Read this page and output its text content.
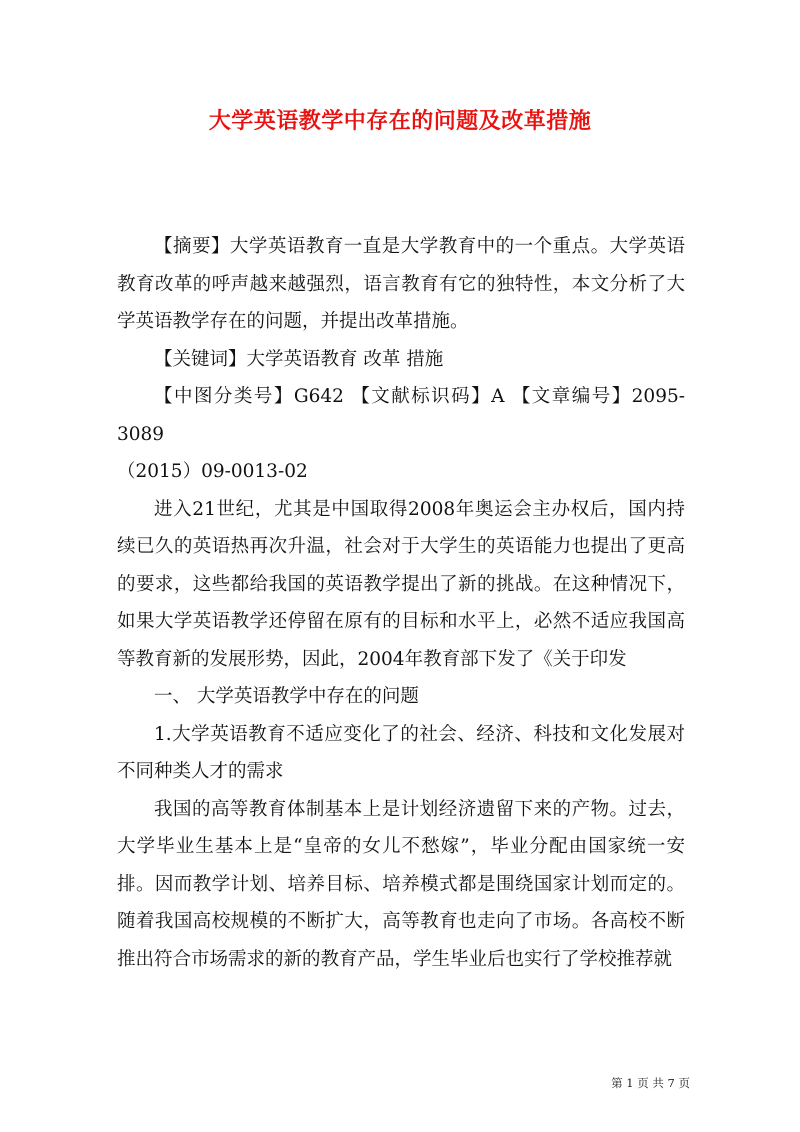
大学英语教学中存在的问题及改革措施

【摘要】大学英语教育一直是大学教育中的一个重点。大学英语教育改革的呼声越来越强烈，语言教育有它的独特性，本文分析了大学英语教学存在的问题，并提出改革措施。

【关键词】大学英语教育 改革 措施

【中图分类号】G642 【文献标识码】A 【文章编号】2095-3089

（2015）09-0013-02

进入21世纪，尤其是中国取得2008年奥运会主办权后，国内持续已久的英语热再次升温，社会对于大学生的英语能力也提出了更高的要求，这些都给我国的英语教学提出了新的挑战。在这种情况下，如果大学英语教学还停留在原有的目标和水平上，必然不适应我国高等教育新的发展形势，因此，2004年教育部下发了《关于印发

一、 大学英语教学中存在的问题

1.大学英语教育不适应变化了的社会、经济、科技和文化发展对不同种类人才的需求

我国的高等教育体制基本上是计划经济遗留下来的产物。过去，大学毕业生基本上是“皇帝的女儿不愁嫁”，毕业分配由国家统一安排。因而教学计划、培养目标、培养模式都是围绕国家计划而定的。随着我国高校规模的不断扩大，高等教育也走向了市场。各高校不断推出符合市场需求的新的教育产品，学生毕业后也实行了学校推荐就

第 1 页 共 7 页
